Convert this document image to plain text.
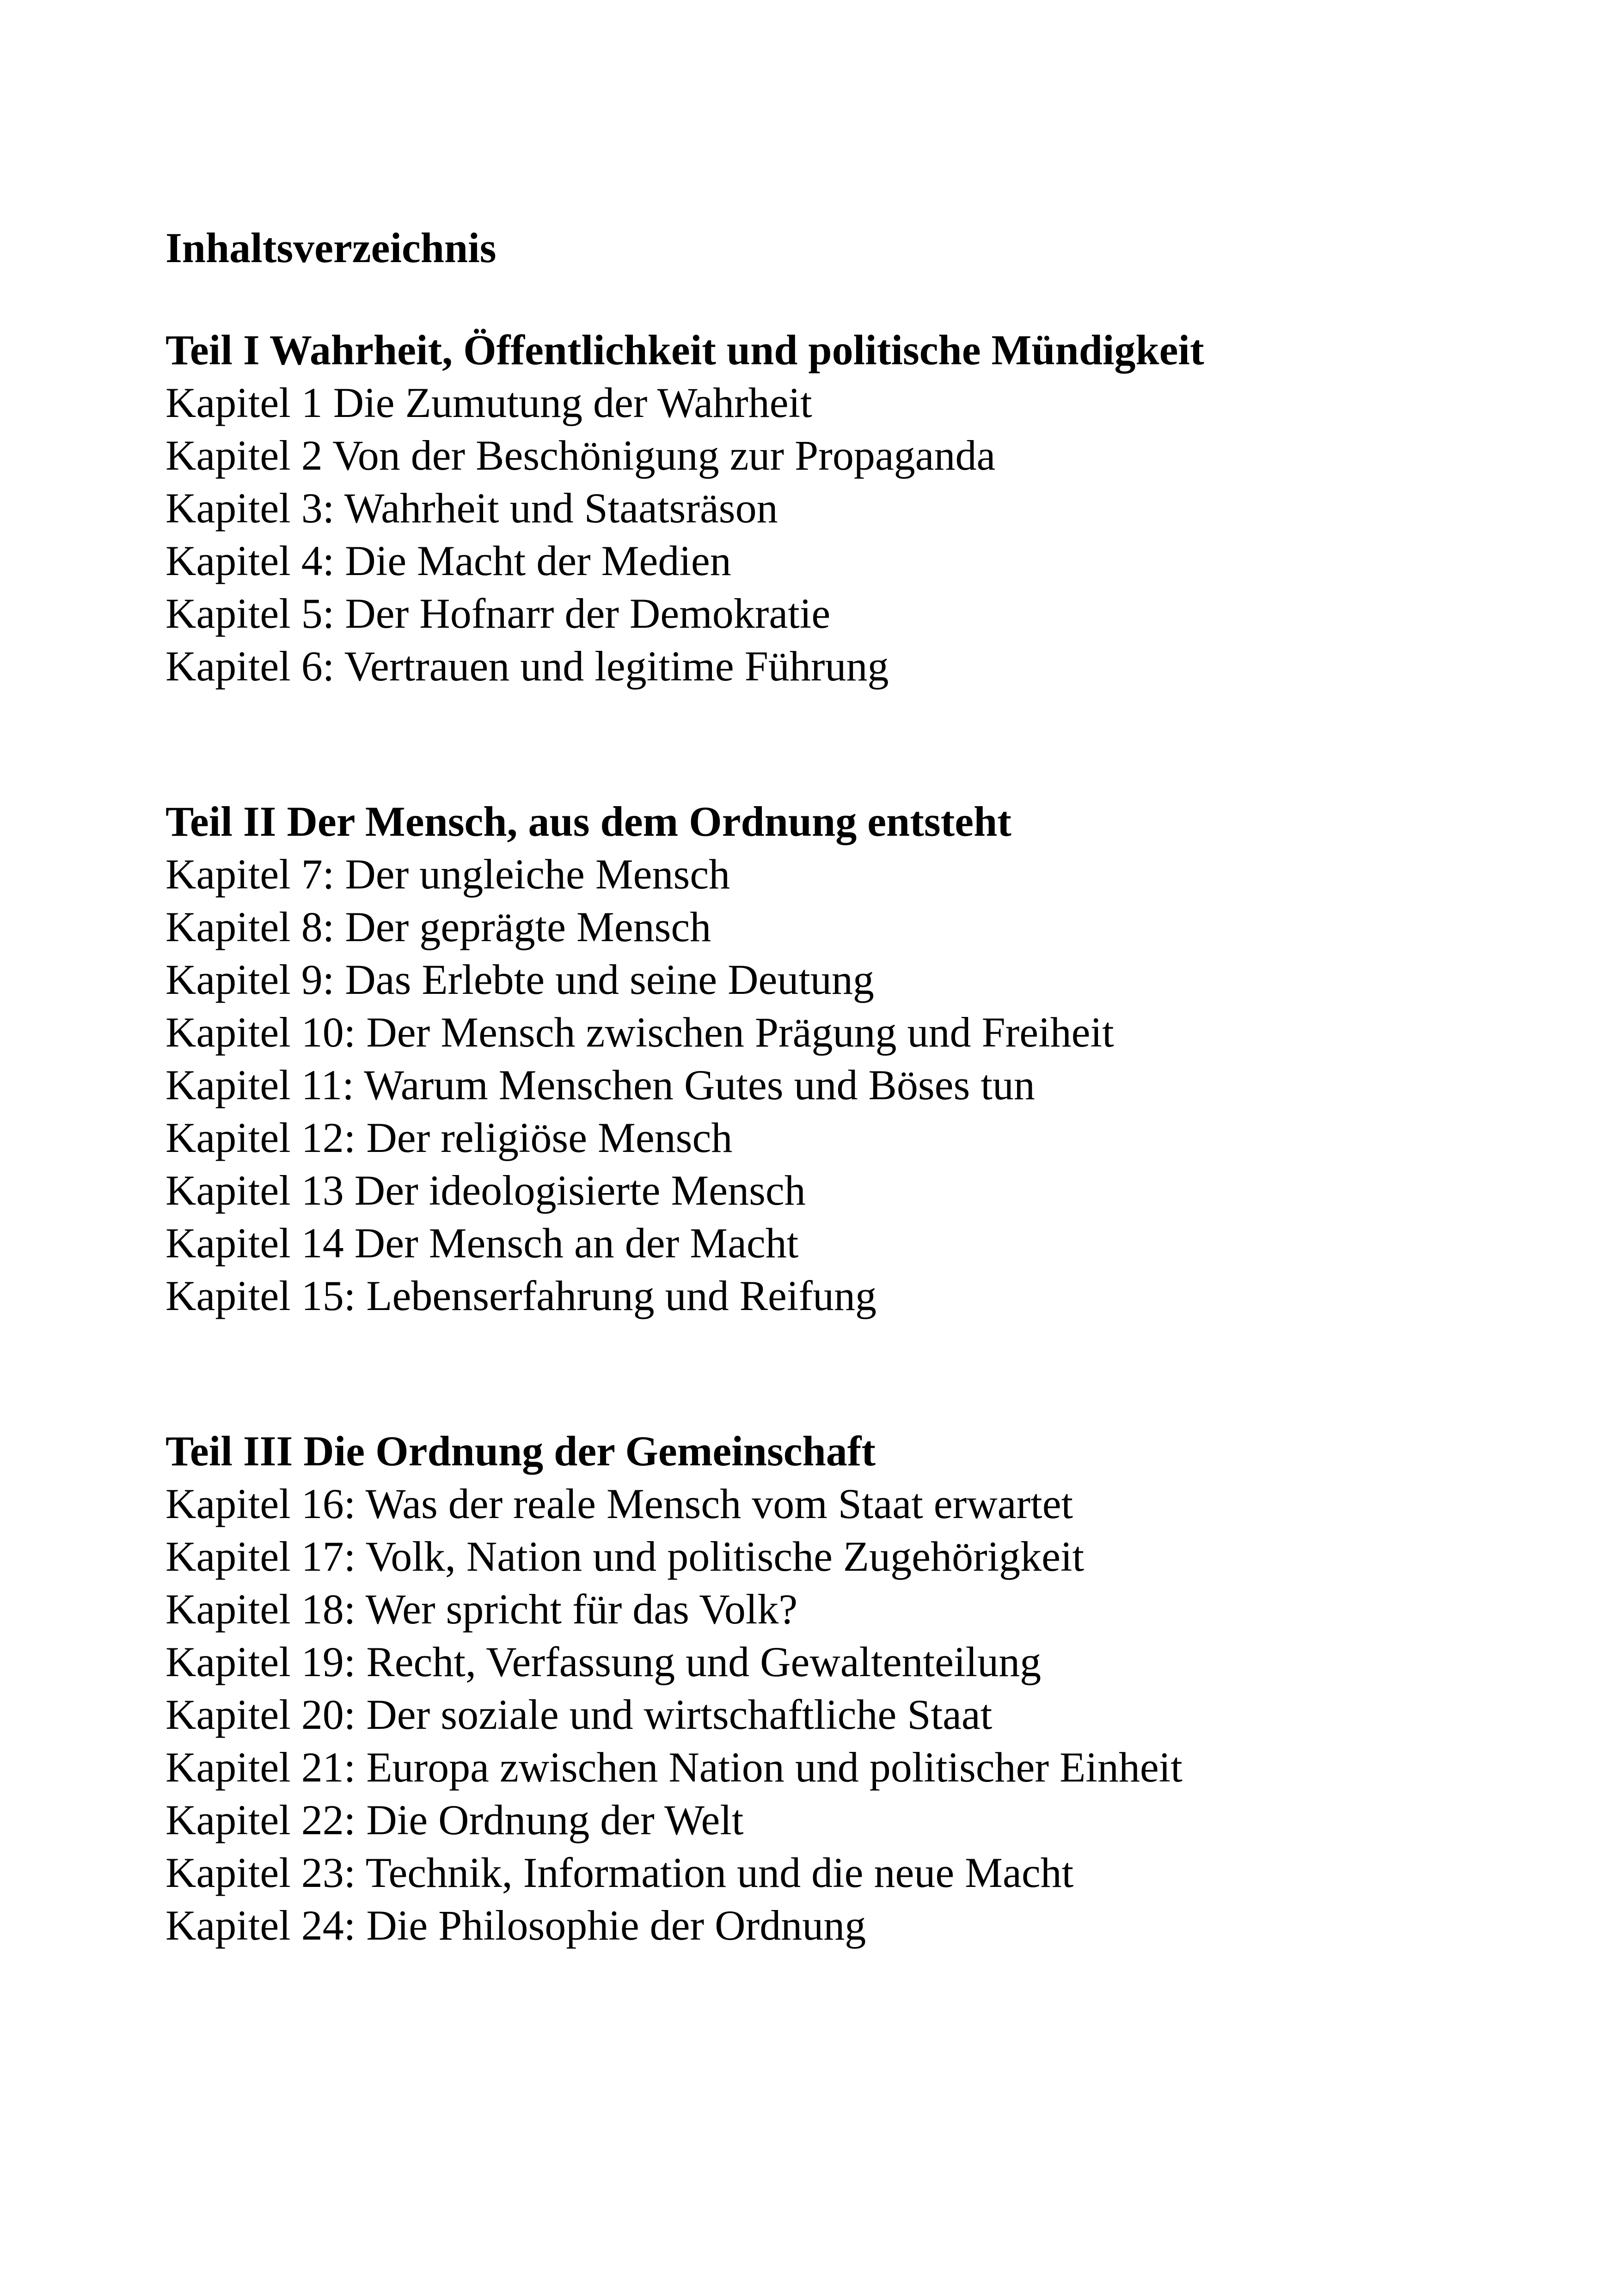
Inhaltsverzeichnis
Teil I Wahrheit, Öffentlichkeit und politische Mündigkeit
Kapitel 1 Die Zumutung der Wahrheit
Kapitel 2 Von der Beschönigung zur Propaganda
Kapitel 3: Wahrheit und Staatsräson
Kapitel 4: Die Macht der Medien
Kapitel 5: Der Hofnarr der Demokratie
Kapitel 6: Vertrauen und legitime Führung
Teil II Der Mensch, aus dem Ordnung entsteht
Kapitel 7: Der ungleiche Mensch
Kapitel 8: Der geprägte Mensch
Kapitel 9: Das Erlebte und seine Deutung
Kapitel 10: Der Mensch zwischen Prägung und Freiheit
Kapitel 11: Warum Menschen Gutes und Böses tun
Kapitel 12: Der religiöse Mensch
Kapitel 13 Der ideologisierte Mensch
Kapitel 14 Der Mensch an der Macht
Kapitel 15: Lebenserfahrung und Reifung
Teil III Die Ordnung der Gemeinschaft
Kapitel 16: Was der reale Mensch vom Staat erwartet
Kapitel 17: Volk, Nation und politische Zugehörigkeit
Kapitel 18: Wer spricht für das Volk?
Kapitel 19: Recht, Verfassung und Gewaltenteilung
Kapitel 20: Der soziale und wirtschaftliche Staat
Kapitel 21: Europa zwischen Nation und politischer Einheit
Kapitel 22: Die Ordnung der Welt
Kapitel 23: Technik, Information und die neue Macht
Kapitel 24: Die Philosophie der Ordnung
